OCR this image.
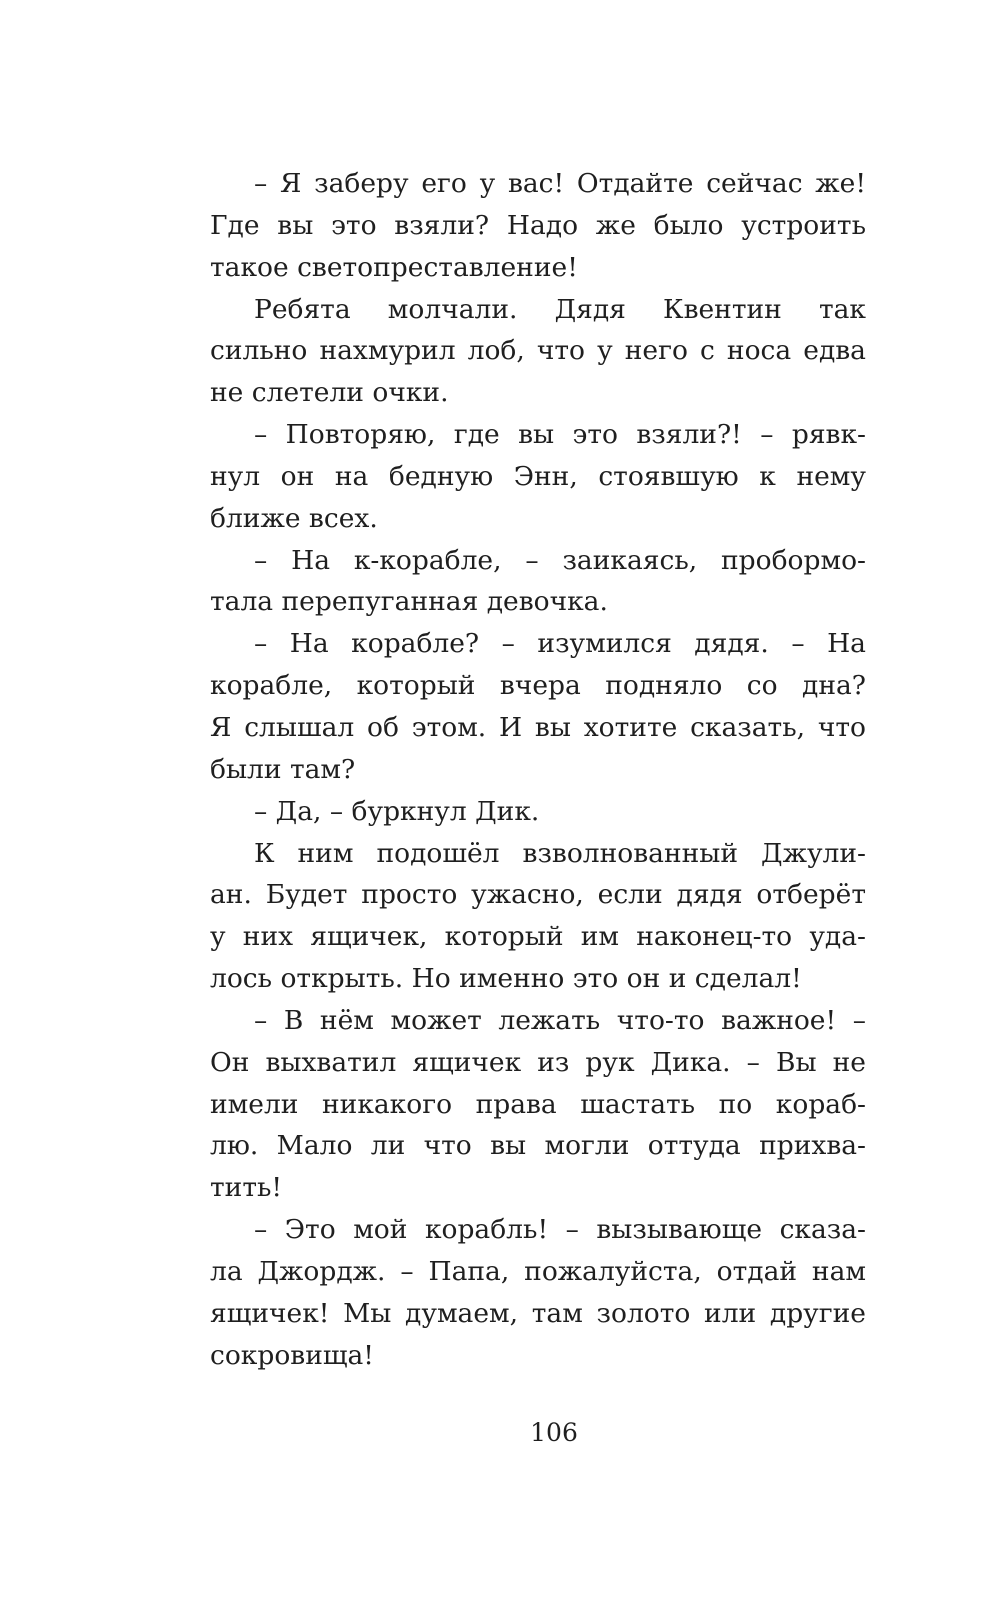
– Я заберу его у вас! Отдайте сейчас же!
Где вы это взяли? Надо же было устроить
такое светопреставление!
Ребята молчали. Дядя Квентин так
сильно нахмурил лоб, что у него с носа едва
не слетели очки.
– Повторяю, где вы это взяли?! – рявк-
нул он на бедную Энн, стоявшую к нему
ближе всех.
– На к-корабле, – заикаясь, пробормо-
тала перепуганная девочка.
– На корабле? – изумился дядя. – На
корабле, который вчера подняло со дна?
Я слышал об этом. И вы хотите сказать, что
были там?
– Да, – буркнул Дик.
К ним подошёл взволнованный Джули-
ан. Будет просто ужасно, если дядя отберёт
у них ящичек, который им наконец-то уда-
лось открыть. Но именно это он и сделал!
– В нём может лежать что-то важное! –
Он выхватил ящичек из рук Дика. – Вы не
имели никакого права шастать по кораб-
лю. Мало ли что вы могли оттуда прихва-
тить!
– Это мой корабль! – вызывающе сказа-
ла Джордж. – Папа, пожалуйста, отдай нам
ящичек! Мы думаем, там золото или другие
сокровища!
106
